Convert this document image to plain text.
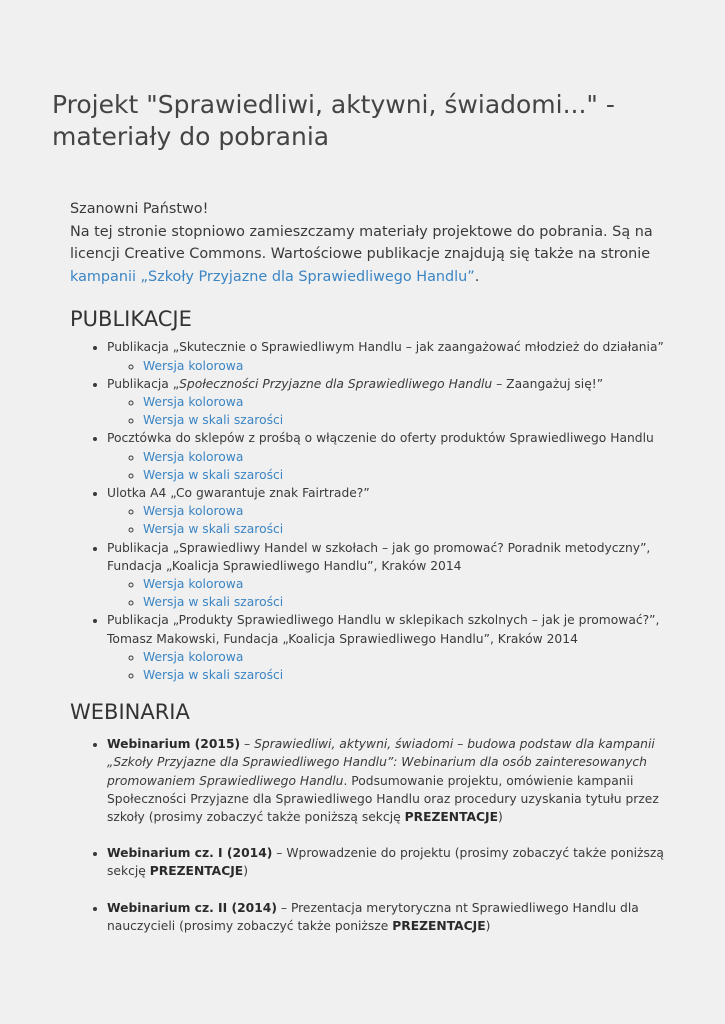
Projekt "Sprawiedliwi, aktywni, świadomi..." - materiały do pobrania

Szanowni Państwo!

Na tej stronie stopniowo zamieszczamy materiały projektowe do pobrania. Są na licencji Creative Commons. Wartościowe publikacje znajdują się także na stronie kampanii „Szkoły Przyjazne dla Sprawiedliwego Handlu”.

PUBLIKACJE
• Publikacja „Skutecznie o Sprawiedliwym Handlu – jak zaangażować młodzież do działania”
◦ Wersja kolorowa
• Publikacja „Społeczności Przyjazne dla Sprawiedliwego Handlu – Zaangażuj się!”
◦ Wersja kolorowa
◦ Wersja w skali szarości
• Pocztówka do sklepów z prośbą o włączenie do oferty produktów Sprawiedliwego Handlu
◦ Wersja kolorowa
◦ Wersja w skali szarości
• Ulotka A4 „Co gwarantuje znak Fairtrade?”
◦ Wersja kolorowa
◦ Wersja w skali szarości
• Publikacja „Sprawiedliwy Handel w szkołach – jak go promować? Poradnik metodyczny”, Fundacja „Koalicja Sprawiedliwego Handlu”, Kraków 2014
◦ Wersja kolorowa
◦ Wersja w skali szarości
• Publikacja „Produkty Sprawiedliwego Handlu w sklepikach szkolnych – jak je promować?”, Tomasz Makowski, Fundacja „Koalicja Sprawiedliwego Handlu”, Kraków 2014
◦ Wersja kolorowa
◦ Wersja w skali szarości
WEBINARIA
• Webinarium (2015) – Sprawiedliwi, aktywni, świadomi – budowa podstaw dla kampanii „Szkoły Przyjazne dla Sprawiedliwego Handlu”: Webinarium dla osób zainteresowanych promowaniem Sprawiedliwego Handlu. Podsumowanie projektu, omówienie kampanii Społeczności Przyjazne dla Sprawiedliwego Handlu oraz procedury uzyskania tytułu przez szkoły (prosimy zobaczyć także poniższą sekcję PREZENTACJE)
• Webinarium cz. I (2014) – Wprowadzenie do projektu (prosimy zobaczyć także poniższą sekcję PREZENTACJE)
• Webinarium cz. II (2014) – Prezentacja merytoryczna nt Sprawiedliwego Handlu dla nauczycieli (prosimy zobaczyć także poniższe PREZENTACJE)
